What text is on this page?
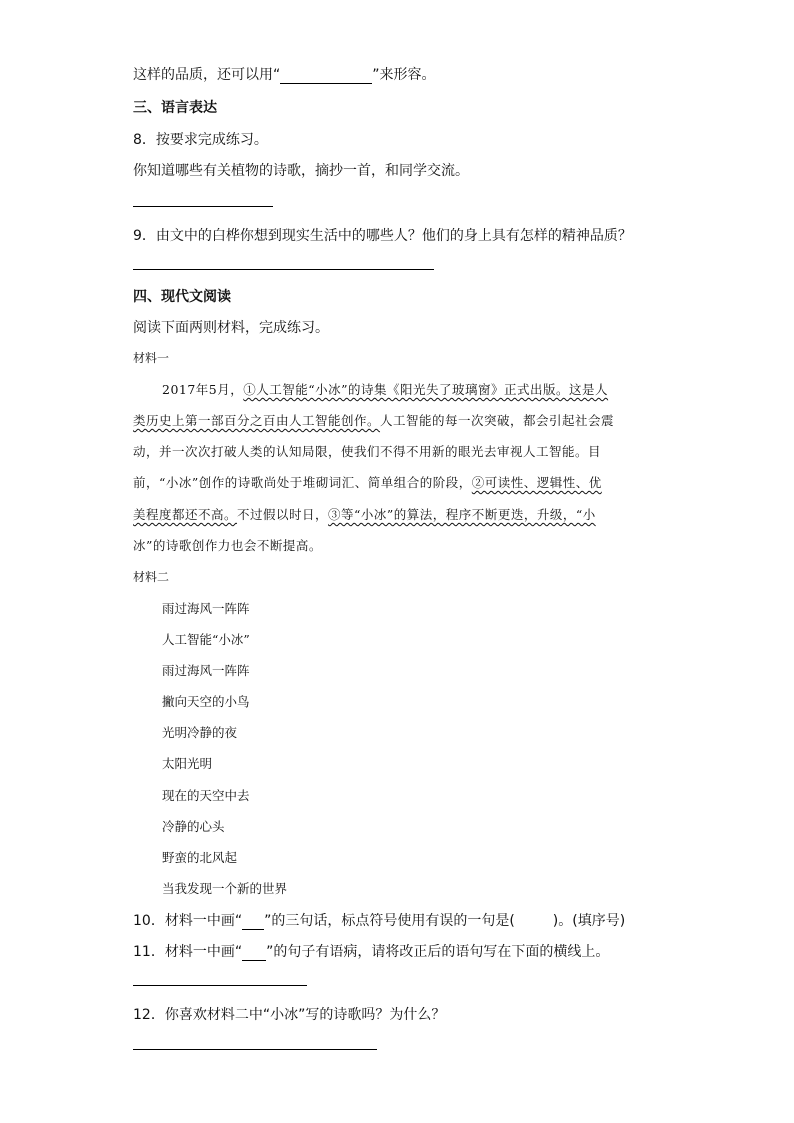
这样的品质，还可以用“	”来形容。
三、语言表达
8．按要求完成练习。
你知道哪些有关植物的诗歌，摘抄一首，和同学交流。
9．由文中的白桦你想到现实生活中的哪些人？他们的身上具有怎样的精神品质？
四、现代文阅读
阅读下面两则材料，完成练习。
材料一
2017年5月，①人工智能“小冰”的诗集《阳光失了玻璃窗》正式出版。这是人
类历史上第一部百分之百由人工智能创作。人工智能的每一次突破，都会引起社会震
动，并一次次打破人类的认知局限，使我们不得不用新的眼光去审视人工智能。目
前，“小冰”创作的诗歌尚处于堆砌词汇、简单组合的阶段，②可读性、逻辑性、优
美程度都还不高。不过假以时日，③等“小冰”的算法，程序不断更迭，升级，“小
冰”的诗歌创作力也会不断提高。
材料二
雨过海风一阵阵
人工智能“小冰”
雨过海风一阵阵
撇向天空的小鸟
光明冷静的夜
太阳光明
现在的天空中去
冷静的心头
野蛮的北风起
当我发现一个新的世界
10．材料一中画“ ”的三句话，标点符号使用有误的一句是(	)。(填序号)
11．材料一中画“ ”的句子有语病，请将改正后的语句写在下面的横线上。
12．你喜欢材料二中“小冰”写的诗歌吗？为什么？
